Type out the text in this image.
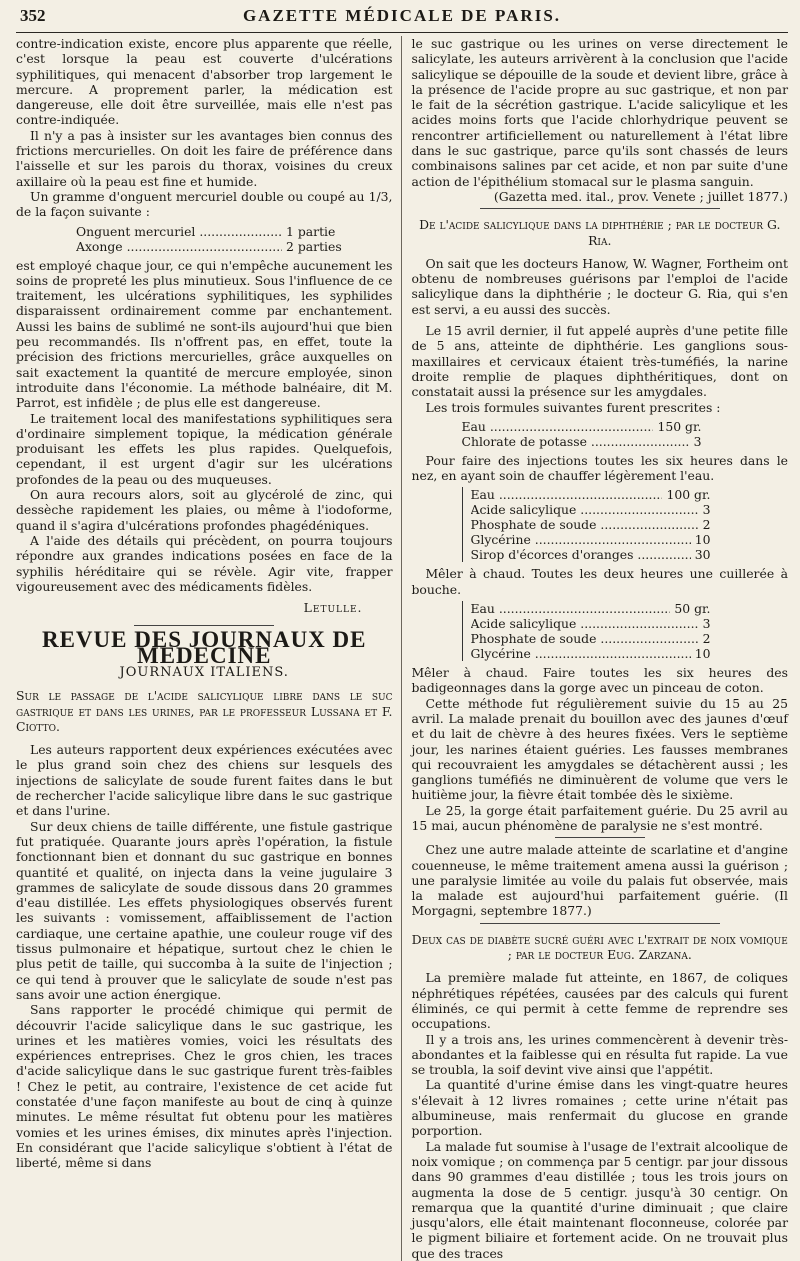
352	GAZETTE MÉDICALE DE PARIS.

contre-indication existe, encore plus apparente que réelle, c'est lorsque la peau est couverte d'ulcérations syphilitiques, qui menacent d'absorber trop largement le mercure. A proprement parler, la médication est dangereuse, elle doit être surveillée, mais elle n'est pas contre-indiquée.

Il n'y a pas à insister sur les avantages bien connus des frictions mercurielles. On doit les faire de préférence dans l'aisselle et sur les parois du thorax, voisines du creux axillaire où la peau est fine et humide.

Un gramme d'onguent mercuriel double ou coupé au 1/3, de la façon suivante :

Onguent mercuriel .....	1 partie
Axonge .....	2 parties

est employé chaque jour, ce qui n'empêche aucunement les soins de propreté les plus minutieux. Sous l'influence de ce traitement, les ulcérations syphilitiques, les syphilides disparaissent ordinairement comme par enchantement. Aussi les bains de sublimé ne sont-ils aujourd'hui que bien peu recommandés. Ils n'offrent pas, en effet, toute la précision des frictions mercurielles, grâce auxquelles on sait exactement la quantité de mercure employée, sinon introduite dans l'économie. La méthode balnéaire, dit M. Parrot, est infidèle ; de plus elle est dangereuse.

Le traitement local des manifestations syphilitiques sera d'ordinaire simplement topique, la médication générale produisant les effets les plus rapides. Quelquefois, cependant, il est urgent d'agir sur les ulcérations profondes de la peau ou des muqueuses.

On aura recours alors, soit au glycérolé de zinc, qui dessèche rapidement les plaies, ou même à l'iodoforme, quand il s'agira d'ulcérations profondes phagédéniques.

A l'aide des détails qui précèdent, on pourra toujours répondre aux grandes indications posées en face de la syphilis héréditaire qui se révèle. Agir vite, frapper vigoureusement avec des médicaments fidèles.

Letulle.
REVUE DES JOURNAUX DE MEDECINE
JOURNAUX ITALIENS.

Sur le passage de l'acide salicylique libre dans le suc gastrique et dans les urines, par le professeur Lussana et F. Ciotto.

Les auteurs rapportent deux expériences exécutées avec le plus grand soin chez des chiens sur lesquels des injections de salicylate de soude furent faites dans le but de rechercher l'acide salicylique libre dans le suc gastrique et dans l'urine.

Sur deux chiens de taille différente, une fistule gastrique fut pratiquée. Quarante jours après l'opération, la fistule fonctionnant bien et donnant du suc gastrique en bonnes quantité et qualité, on injecta dans la veine jugulaire 3 grammes de salicylate de soude dissous dans 20 grammes d'eau distillée. Les effets physiologiques observés furent les suivants : vomissement, affaiblissement de l'action cardiaque, une certaine apathie, une couleur rouge vif des tissus pulmonaire et hépatique, surtout chez le chien le plus petit de taille, qui succomba à la suite de l'injection ; ce qui tend à prouver que le salicylate de soude n'est pas sans avoir une action énergique.

Sans rapporter le procédé chimique qui permit de découvrir l'acide salicylique dans le suc gastrique, les urines et les matières vomies, voici les résultats des expériences entreprises. Chez le gros chien, les traces d'acide salicylique dans le suc gastrique furent très-faibles ! Chez le petit, au contraire, l'existence de cet acide fut constatée d'une façon manifeste au bout de cinq à quinze minutes. Le même résultat fut obtenu pour les matières vomies et les urines émises, dix minutes après l'injection. En considérant que l'acide salicylique s'obtient à l'état de liberté, même si dans

le suc gastrique ou les urines on verse directement le salicylate, les auteurs arrivèrent à la conclusion que l'acide salicylique se dépouille de la soude et devient libre, grâce à la présence de l'acide propre au suc gastrique, et non par le fait de la sécrétion gastrique. L'acide salicylique et les acides moins forts que l'acide chlorhydrique peuvent se rencontrer artificiellement ou naturellement à l'état libre dans le suc gastrique, parce qu'ils sont chassés de leurs combinaisons salines par cet acide, et non par suite d'une action de l'épithélium stomacal sur le plasma sanguin.

(Gazetta med. ital., prov. Venete ; juillet 1877.)

De l'acide salicylique dans la diphthérie ; par le docteur G. Ria.

On sait que les docteurs Hanow, W. Wagner, Fortheim ont obtenu de nombreuses guérisons par l'emploi de l'acide salicylique dans la diphthérie ; le docteur G. Ria, qui s'en est servi, a eu aussi des succès.

Le 15 avril dernier, il fut appelé auprès d'une petite fille de 5 ans, atteinte de diphthérie. Les ganglions sous-maxillaires et cervicaux étaient très-tuméfiés, la narine droite remplie de plaques diphthéritiques, dont on constatait aussi la présence sur les amygdales.

Les trois formules suivantes furent prescrites :

Eau .....	150 gr.
Chlorate de potasse .....	3

Pour faire des injections toutes les six heures dans le nez, en ayant soin de chauffer légèrement l'eau.

Eau .....	100 gr.
Acide salicylique .....	3
Phosphate de soude .....	2
Glycérine .....	10
Sirop d'écorces d'oranges .....	30

Mêler à chaud. Toutes les deux heures une cuillerée à bouche.

Eau .....	50 gr.
Acide salicylique .....	3
Phosphate de soude .....	2
Glycérine .....	10

Mêler à chaud. Faire toutes les six heures des badigeonnages dans la gorge avec un pinceau de coton.

Cette méthode fut régulièrement suivie du 15 au 25 avril. La malade prenait du bouillon avec des jaunes d'œuf et du lait de chèvre à des heures fixées. Vers le septième jour, les narines étaient guéries. Les fausses membranes qui recouvraient les amygdales se détachèrent aussi ; les ganglions tuméfiés ne diminuèrent de volume que vers le huitième jour, la fièvre était tombée dès le sixième.

Le 25, la gorge était parfaitement guérie. Du 25 avril au 15 mai, aucun phénomène de paralysie ne s'est montré.

Chez une autre malade atteinte de scarlatine et d'angine couenneuse, le même traitement amena aussi la guérison ; une paralysie limitée au voile du palais fut observée, mais la malade est aujourd'hui parfaitement guérie. (Il Morgagni, septembre 1877.)

Deux cas de diabète sucré guéri avec l'extrait de noix vomique ; par le docteur Eug. Zarzana.

La première malade fut atteinte, en 1867, de coliques néphrétiques répétées, causées par des calculs qui furent éliminés, ce qui permit à cette femme de reprendre ses occupations.

Il y a trois ans, les urines commencèrent à devenir très-abondantes et la faiblesse qui en résulta fut rapide. La vue se troubla, la soif devint vive ainsi que l'appétit.

La quantité d'urine émise dans les vingt-quatre heures s'élevait à 12 livres romaines ; cette urine n'était pas albumineuse, mais renfermait du glucose en grande porportion.

La malade fut soumise à l'usage de l'extrait alcoolique de noix vomique ; on commença par 5 centigr. par jour dissous dans 90 grammes d'eau distillée ; tous les trois jours on augmenta la dose de 5 centigr. jusqu'à 30 centigr. On remarqua que la quantité d'urine diminuait ; que claire jusqu'alors, elle était maintenant floconneuse, colorée par le pigment biliaire et fortement acide. On ne trouvait plus que des traces
